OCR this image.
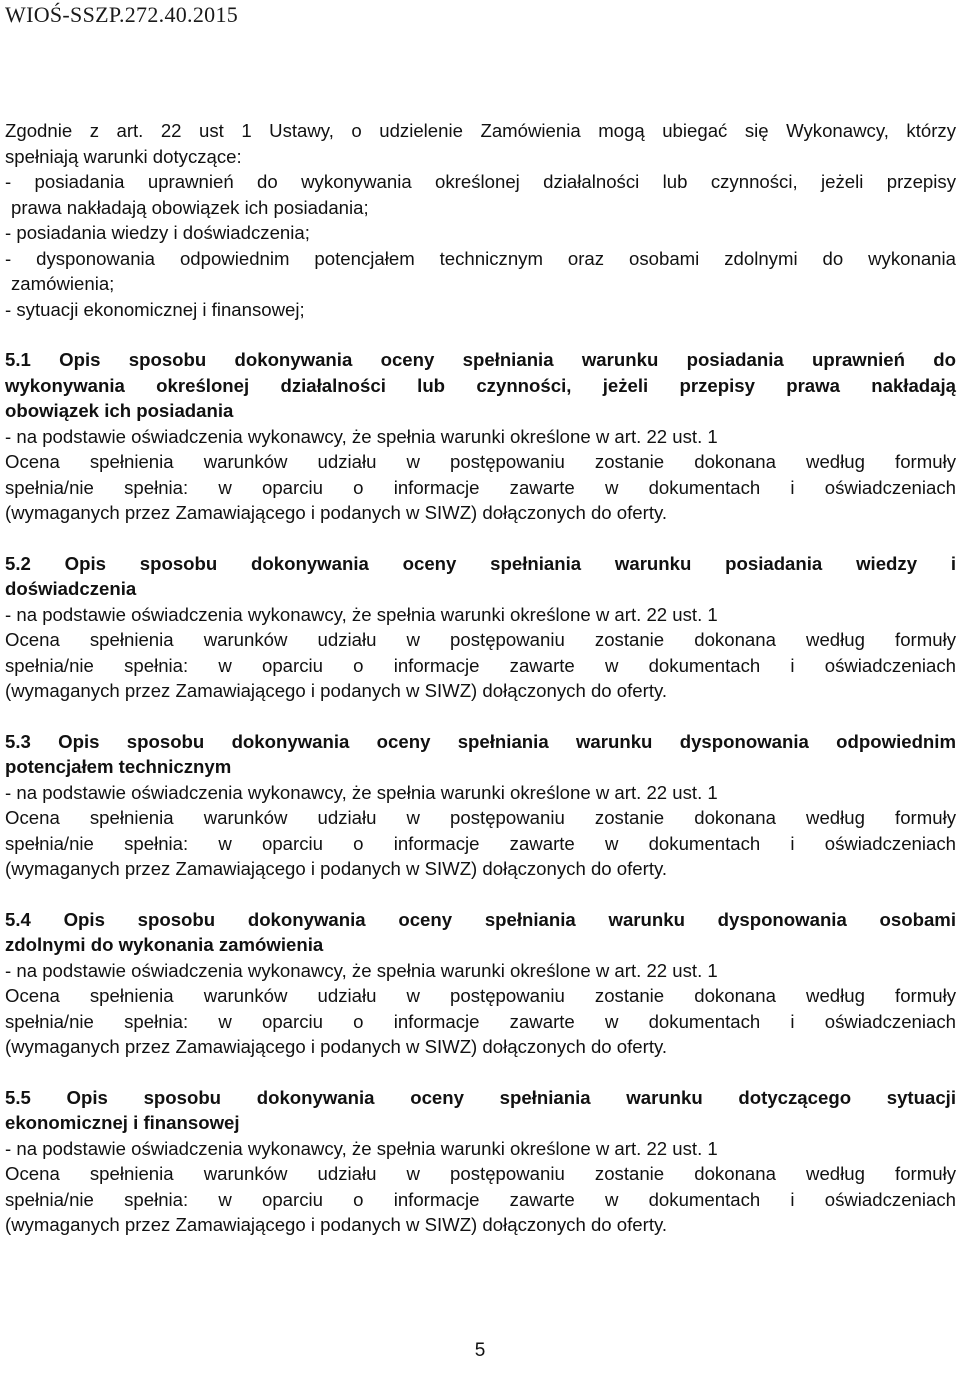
WIOŚ-SSZP.272.40.2015
Zgodnie z art. 22 ust 1 Ustawy, o udzielenie Zamówienia mogą ubiegać się Wykonawcy, którzy
spełniają warunki dotyczące:
- posiadania uprawnień do wykonywania określonej działalności lub czynności, jeżeli przepisy
prawa nakładają obowiązek ich posiadania;
- posiadania wiedzy i doświadczenia;
- dysponowania odpowiednim potencjałem technicznym oraz osobami zdolnymi do wykonania
zamówienia;
- sytuacji ekonomicznej i finansowej;
5.1 Opis sposobu dokonywania oceny spełniania warunku posiadania uprawnień do
wykonywania określonej działalności lub czynności, jeżeli przepisy prawa nakładają
obowiązek ich posiadania
- na podstawie oświadczenia wykonawcy, że spełnia warunki określone w art. 22 ust. 1
Ocena spełnienia warunków udziału w postępowaniu zostanie dokonana według formuły
spełnia/nie spełnia: w oparciu o informacje zawarte w dokumentach i oświadczeniach
(wymaganych przez Zamawiającego i podanych w SIWZ) dołączonych do oferty.
5.2 Opis sposobu dokonywania oceny spełniania warunku posiadania wiedzy i
doświadczenia
- na podstawie oświadczenia wykonawcy, że spełnia warunki określone w art. 22 ust. 1
Ocena spełnienia warunków udziału w postępowaniu zostanie dokonana według formuły
spełnia/nie spełnia: w oparciu o informacje zawarte w dokumentach i oświadczeniach
(wymaganych przez Zamawiającego i podanych w SIWZ) dołączonych do oferty.
5.3 Opis sposobu dokonywania oceny spełniania warunku dysponowania odpowiednim
potencjałem technicznym
- na podstawie oświadczenia wykonawcy, że spełnia warunki określone w art. 22 ust. 1
Ocena spełnienia warunków udziału w postępowaniu zostanie dokonana według formuły
spełnia/nie spełnia: w oparciu o informacje zawarte w dokumentach i oświadczeniach
(wymaganych przez Zamawiającego i podanych w SIWZ) dołączonych do oferty.
5.4 Opis sposobu dokonywania oceny spełniania warunku dysponowania osobami
zdolnymi do wykonania zamówienia
- na podstawie oświadczenia wykonawcy, że spełnia warunki określone w art. 22 ust. 1
Ocena spełnienia warunków udziału w postępowaniu zostanie dokonana według formuły
spełnia/nie spełnia: w oparciu o informacje zawarte w dokumentach i oświadczeniach
(wymaganych przez Zamawiającego i podanych w SIWZ) dołączonych do oferty.
5.5 Opis sposobu dokonywania oceny spełniania warunku dotyczącego sytuacji
ekonomicznej i finansowej
- na podstawie oświadczenia wykonawcy, że spełnia warunki określone w art. 22 ust. 1
Ocena spełnienia warunków udziału w postępowaniu zostanie dokonana według formuły
spełnia/nie spełnia: w oparciu o informacje zawarte w dokumentach i oświadczeniach
(wymaganych przez Zamawiającego i podanych w SIWZ) dołączonych do oferty.
5
